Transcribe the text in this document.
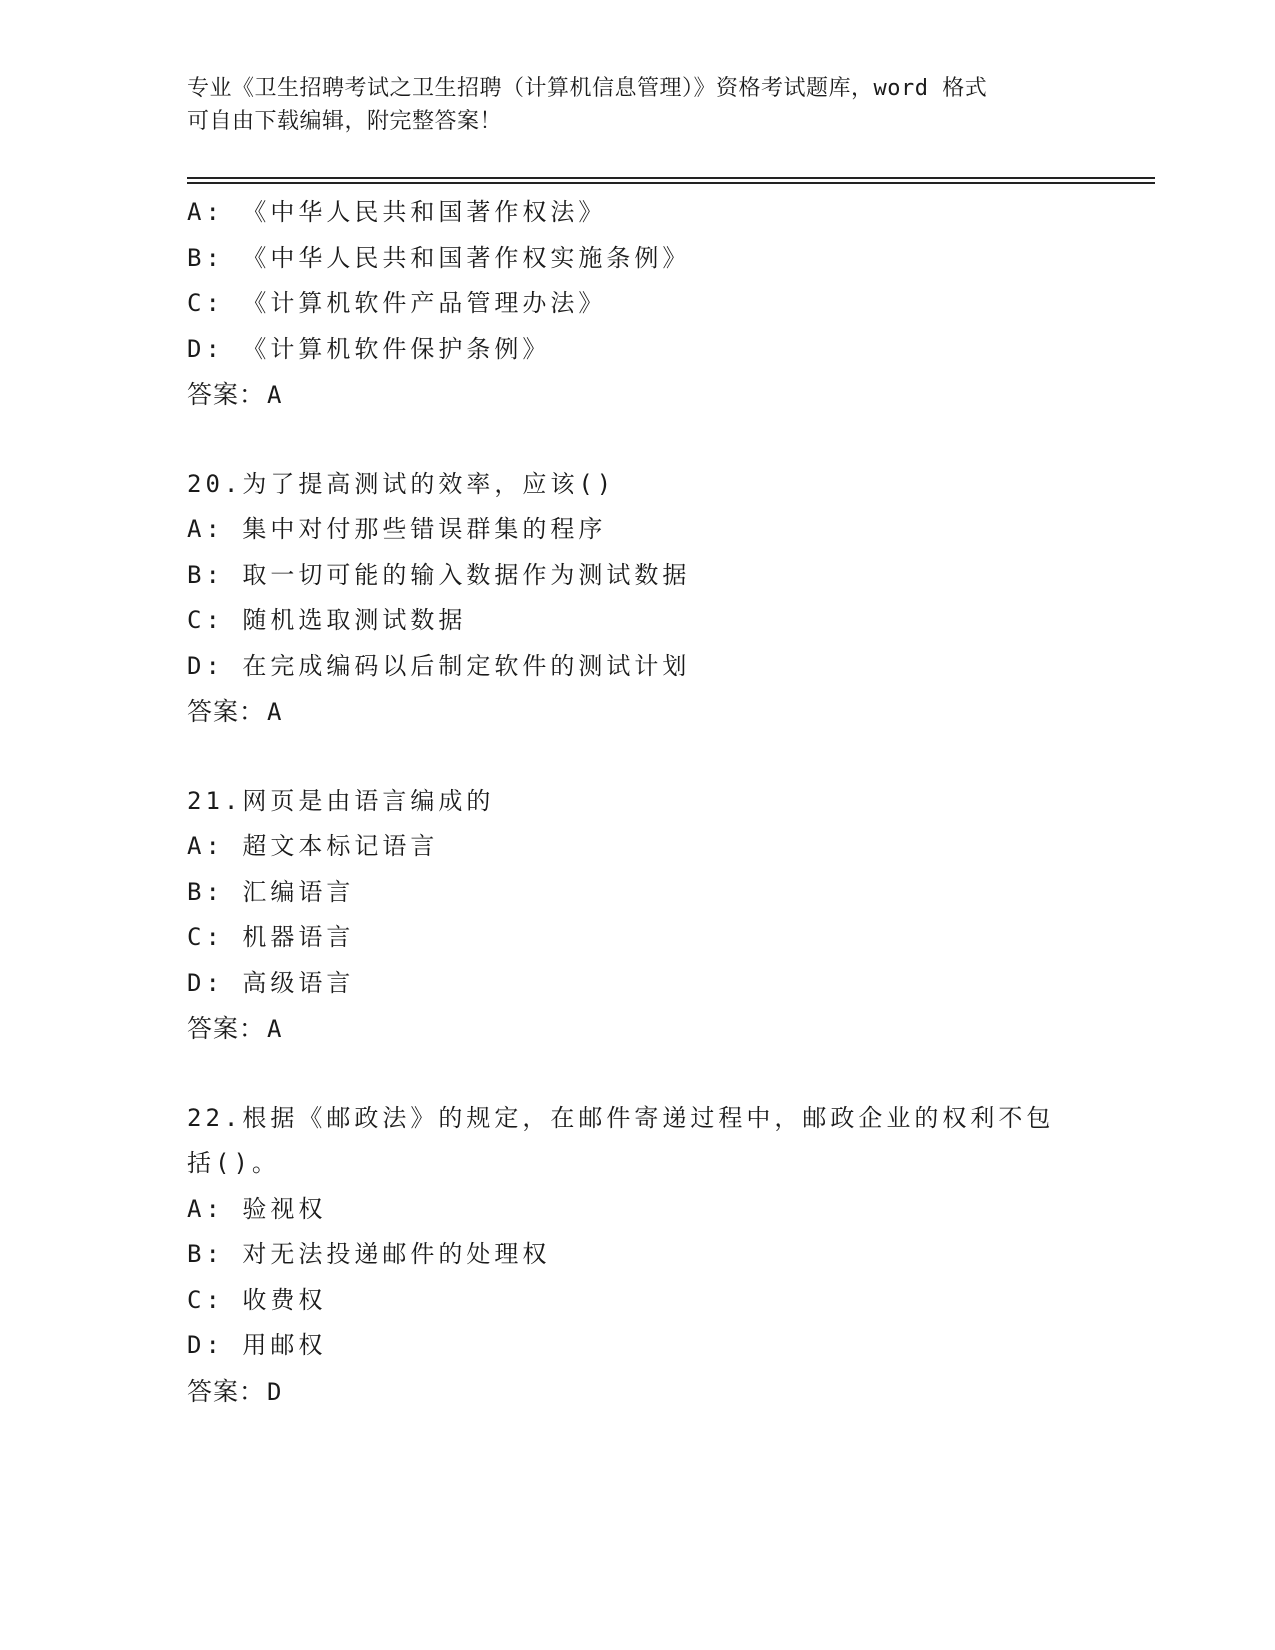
专业《卫生招聘考试之卫生招聘（计算机信息管理）》资格考试题库，word 格式
可自由下载编辑，附完整答案！
A: 《中华人民共和国著作权法》
B: 《中华人民共和国著作权实施条例》
C: 《计算机软件产品管理办法》
D: 《计算机软件保护条例》
答案：A
20.为了提高测试的效率，应该()
A: 集中对付那些错误群集的程序
B: 取一切可能的输入数据作为测试数据
C: 随机选取测试数据
D: 在完成编码以后制定软件的测试计划
答案：A
21.网页是由语言编成的
A: 超文本标记语言
B: 汇编语言
C: 机器语言
D: 高级语言
答案：A
22.根据《邮政法》的规定，在邮件寄递过程中，邮政企业的权利不包
括()。
A: 验视权
B: 对无法投递邮件的处理权
C: 收费权
D: 用邮权
答案：D
